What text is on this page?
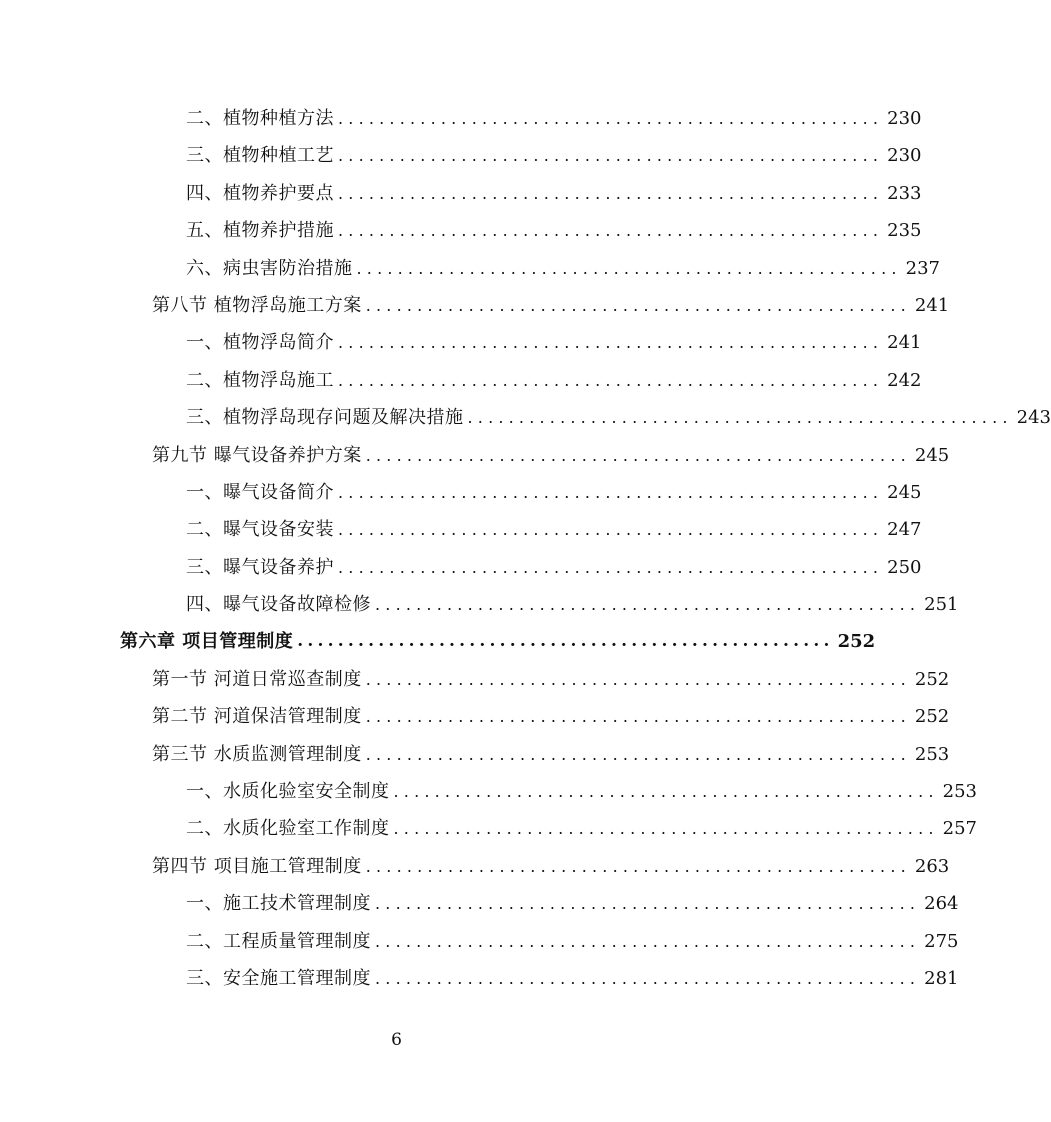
二、植物种植方法 ..................................................... 230
三、植物种植工艺 ..................................................... 230
四、植物养护要点 ..................................................... 233
五、植物养护措施 ..................................................... 235
六、病虫害防治措施 ..................................................... 237
第八节 植物浮岛施工方案 ..................................................... 241
一、植物浮岛简介 ..................................................... 241
二、植物浮岛施工 ..................................................... 242
三、植物浮岛现存问题及解决措施 ..................................................... 243
第九节 曝气设备养护方案 ..................................................... 245
一、曝气设备简介 ..................................................... 245
二、曝气设备安装 ..................................................... 247
三、曝气设备养护 ..................................................... 250
四、曝气设备故障检修 ..................................................... 251
第六章 项目管理制度 ..................................................... 252
第一节 河道日常巡查制度 ..................................................... 252
第二节 河道保洁管理制度 ..................................................... 252
第三节 水质监测管理制度 ..................................................... 253
一、水质化验室安全制度 ..................................................... 253
二、水质化验室工作制度 ..................................................... 257
第四节 项目施工管理制度 ..................................................... 263
一、施工技术管理制度 ..................................................... 264
二、工程质量管理制度 ..................................................... 275
三、安全施工管理制度 ..................................................... 281
6
